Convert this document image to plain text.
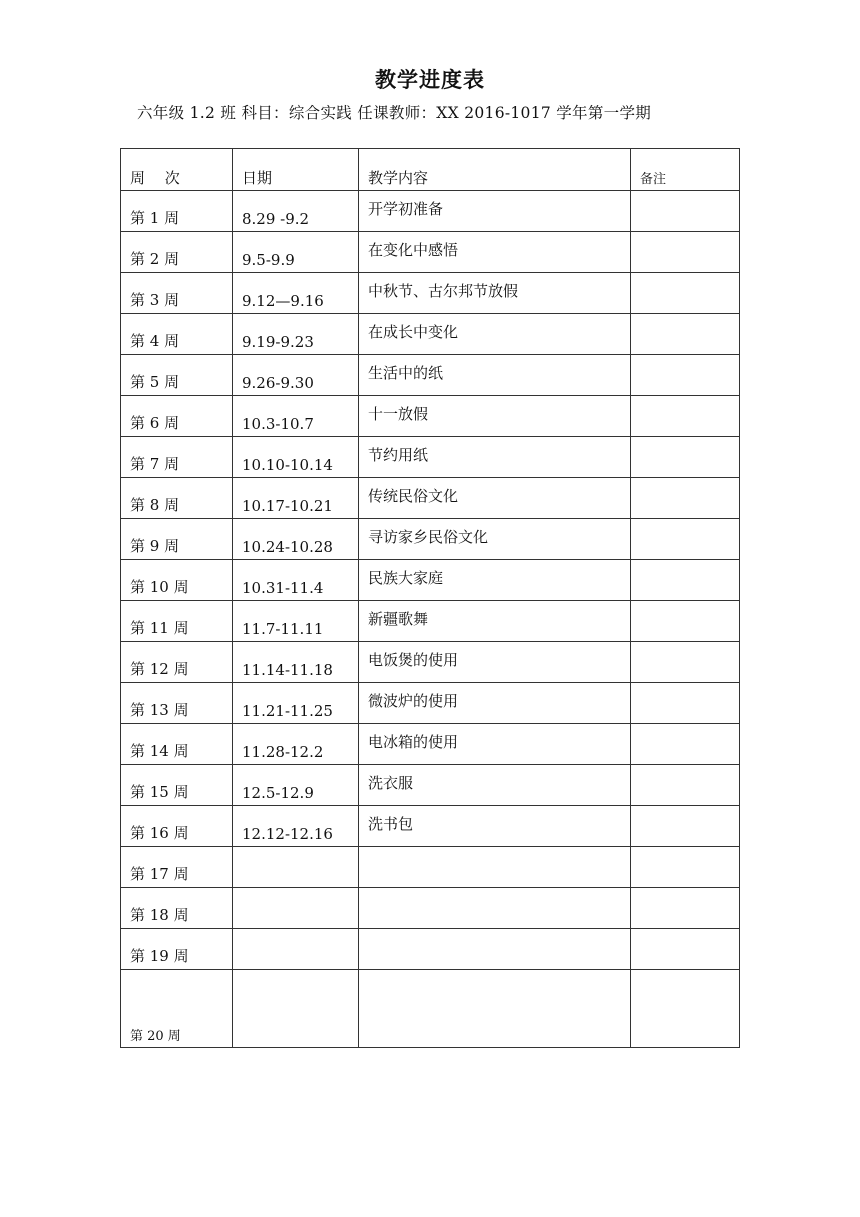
教学进度表
六年级 1.2 班 科目：综合实践 任课教师：XX 2016-1017 学年第一学期
周　 次	日期	教学内容	备注
第 1 周	8.29 -9.2	开学初准备	
第 2 周	9.5-9.9	在变化中感悟	
第 3 周	9.12—9.16	中秋节、古尔邦节放假	
第 4 周	9.19-9.23	在成长中变化	
第 5 周	9.26-9.30	生活中的纸	
第 6 周	10.3-10.7	十一放假	
第 7 周	10.10-10.14	节约用纸	
第 8 周	10.17-10.21	传统民俗文化	
第 9 周	10.24-10.28	寻访家乡民俗文化	
第 10 周	10.31-11.4	民族大家庭	
第 11 周	11.7-11.11	新疆歌舞	
第 12 周	11.14-11.18	电饭煲的使用	
第 13 周	11.21-11.25	微波炉的使用	
第 14 周	11.28-12.2	电冰箱的使用	
第 15 周	12.5-12.9	洗衣服	
第 16 周	12.12-12.16	洗书包	
第 17 周			
第 18 周			
第 19 周			
第 20 周			
